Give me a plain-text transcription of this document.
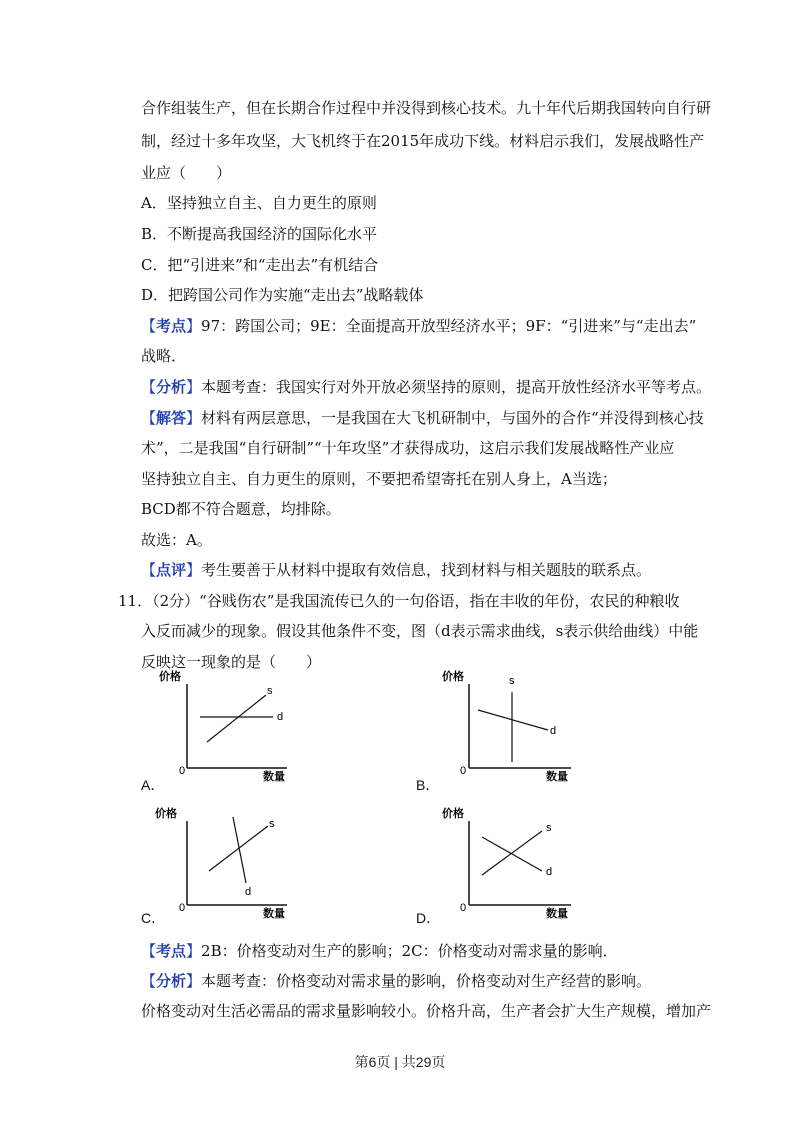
合作组装生产，但在长期合作过程中并没得到核心技术。九十年代后期我国转向自行研
制，经过十多年攻坚，大飞机终于在2015年成功下线。材料启示我们，发展战略性产
业应（　　）
A．坚持独立自主、自力更生的原则
B．不断提高我国经济的国际化水平
C．把“引进来”和“走出去”有机结合
D．把跨国公司作为实施“走出去”战略载体
【考点】97：跨国公司；9E：全面提高开放型经济水平；9F：“引进来”与“走出去”
战略．
【分析】本题考查：我国实行对外开放必须坚持的原则，提高开放性经济水平等考点。
【解答】材料有两层意思，一是我国在大飞机研制中，与国外的合作“并没得到核心技
术”，二是我国“自行研制”“十年攻坚”才获得成功，这启示我们发展战略性产业应
坚持独立自主、自力更生的原则，不要把希望寄托在别人身上，A当选；
BCD都不符合题意，均排除。
故选：A。
【点评】考生要善于从材料中提取有效信息，找到材料与相关题肢的联系点。
11．（2分）“谷贱伤农”是我国流传已久的一句俗语，指在丰收的年份，农民的种粮收
入反而减少的现象。假设其他条件不变，图（d表示需求曲线，s表示供给曲线）中能
反映这一现象的是（　　）
价格
0	数量
d
s
A．
价格
0	数量
s
d
B．
价格
0	数量
d
s
C．
价格
0	数量
s
d
D．
【考点】2B：价格变动对生产的影响；2C：价格变动对需求量的影响．
【分析】本题考查：价格变动对需求量的影响，价格变动对生产经营的影响。
价格变动对生活必需品的需求量影响较小。价格升高，生产者会扩大生产规模，增加产
第6页 | 共29页
